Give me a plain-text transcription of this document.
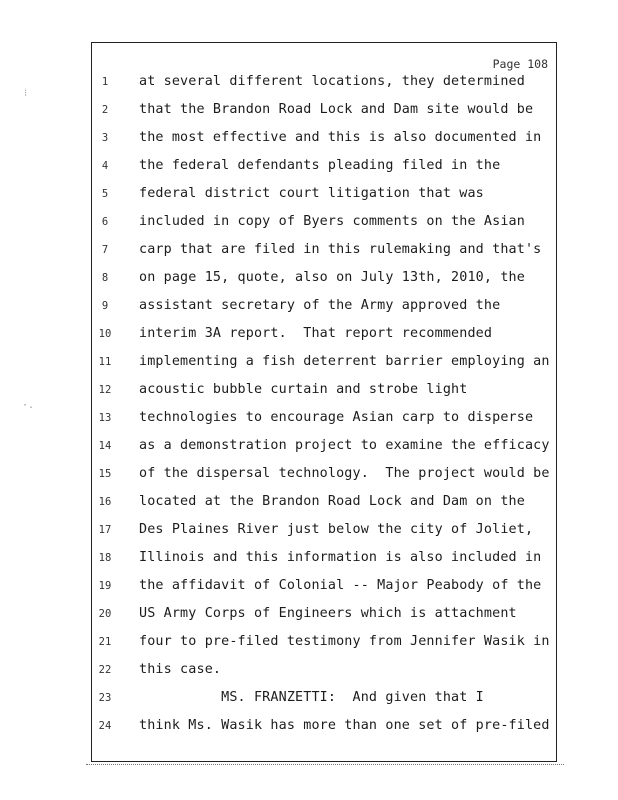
Page 108
1	at several different locations, they determined
2	that the Brandon Road Lock and Dam site would be
3	the most effective and this is also documented in
4	the federal defendants pleading filed in the
5	federal district court litigation that was
6	included in copy of Byers comments on the Asian
7	carp that are filed in this rulemaking and that's
8	on page 15, quote, also on July 13th, 2010, the
9	assistant secretary of the Army approved the
10	interim 3A report.  That report recommended
11	implementing a fish deterrent barrier employing an
12	acoustic bubble curtain and strobe light
13	technologies to encourage Asian carp to disperse
14	as a demonstration project to examine the efficacy
15	of the dispersal technology.  The project would be
16	located at the Brandon Road Lock and Dam on the
17	Des Plaines River just below the city of Joliet,
18	Illinois and this information is also included in
19	the affidavit of Colonial -- Major Peabody of the
20	US Army Corps of Engineers which is attachment
21	four to pre-filed testimony from Jennifer Wasik in
22	this case.
23	MS. FRANZETTI:  And given that I
24	think Ms. Wasik has more than one set of pre-filed
⁝
·.
